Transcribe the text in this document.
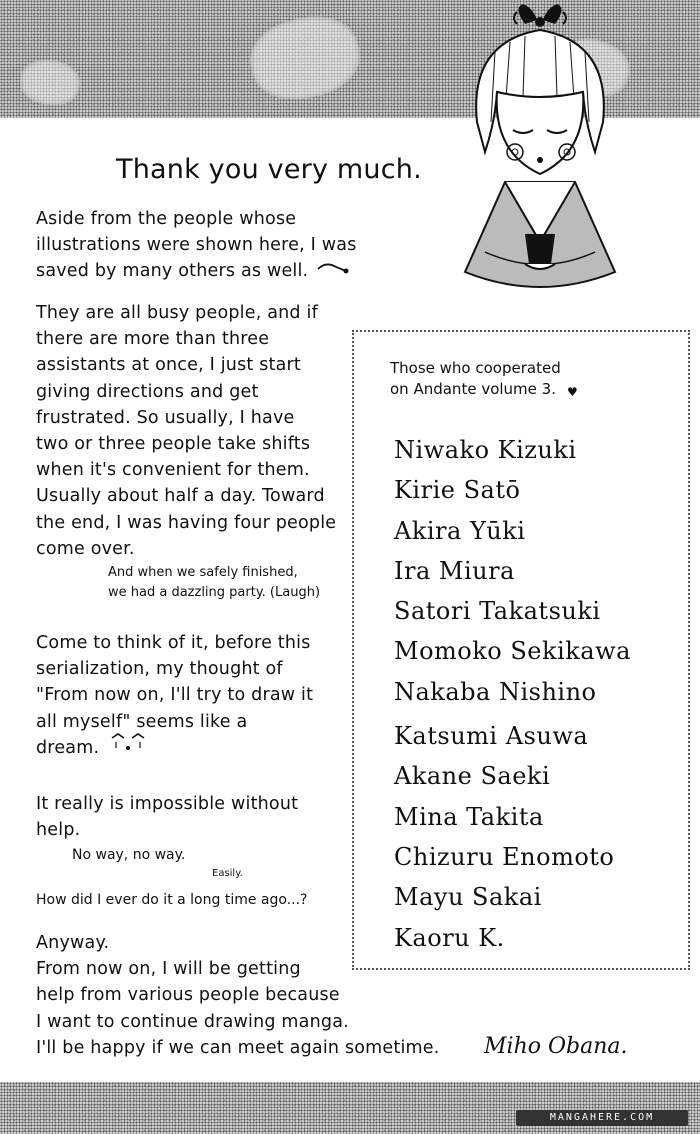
Thank you very much.
Aside from the people whose
illustrations were shown here, I was
saved by many others as well.
They are all busy people, and if
there are more than three
assistants at once, I just start
giving directions and get
frustrated. So usually, I have
two or three people take shifts
when it's convenient for them.
Usually about half a day. Toward
the end, I was having four people
come over.
And when we safely finished,
we had a dazzling party. (Laugh)
Come to think of it, before this
serialization, my thought of
"From now on, I'll try to draw it
all myself" seems like a
dream.
It really is impossible without
help.
No way, no way.
Easily.
How did I ever do it a long time ago...?
Anyway.
From now on, I will be getting
help from various people because
I want to continue drawing manga.
I'll be happy if we can meet again sometime.
Those who cooperated
on Andante volume 3. ♥
Niwako Kizuki
Kirie Satō
Akira Yūki
Ira Miura
Satori Takatsuki
Momoko Sekikawa
Nakaba Nishino
Katsumi Asuwa
Akane Saeki
Mina Takita
Chizuru Enomoto
Mayu Sakai
Kaoru K.
Miho Obana.
MANGAHERE.COM
